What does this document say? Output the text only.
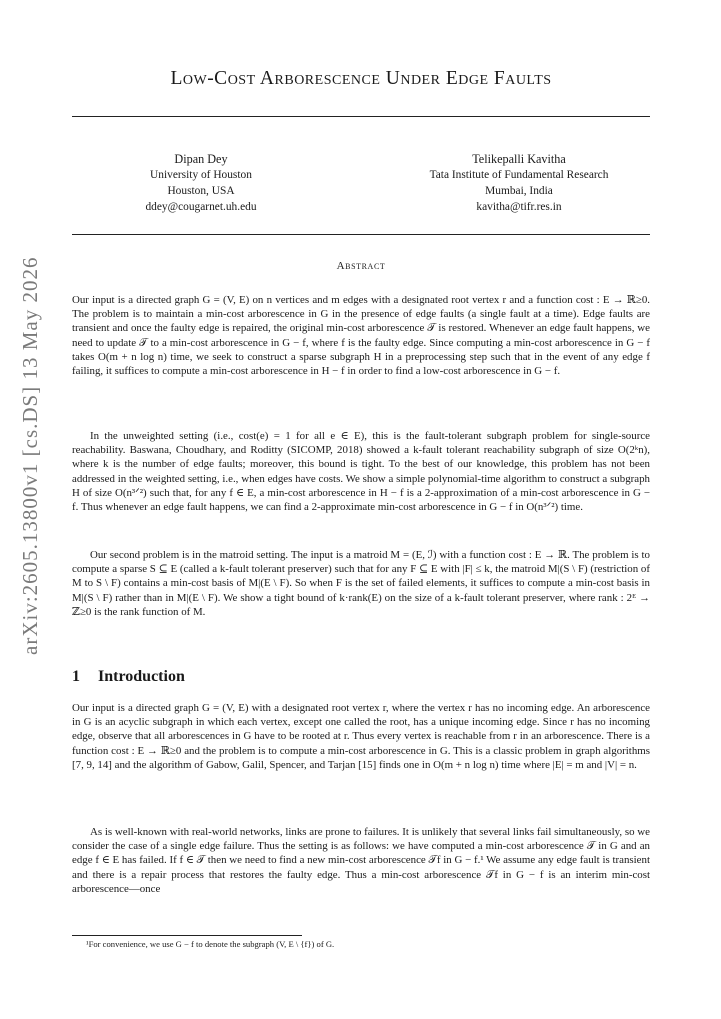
arXiv:2605.13800v1 [cs.DS] 13 May 2026
Low-Cost Arborescence Under Edge Faults
Dipan Dey
University of Houston
Houston, USA
ddey@cougarnet.uh.edu
Telikepalli Kavitha
Tata Institute of Fundamental Research
Mumbai, India
kavitha@tifr.res.in
Abstract

Our input is a directed graph G = (V, E) on n vertices and m edges with a designated root vertex r and a function cost : E → ℝ≥0. The problem is to maintain a min-cost arborescence in G in the presence of edge faults (a single fault at a time). Edge faults are transient and once the faulty edge is repaired, the original min-cost arborescence 𝒯 is restored. Whenever an edge fault happens, we need to update 𝒯 to a min-cost arborescence in G − f, where f is the faulty edge. Since computing a min-cost arborescence in G − f takes O(m + n log n) time, we seek to construct a sparse subgraph H in a preprocessing step such that in the event of any edge f failing, it suffices to compute a min-cost arborescence in H − f in order to find a low-cost arborescence in G − f.

In the unweighted setting (i.e., cost(e) = 1 for all e ∈ E), this is the fault-tolerant subgraph problem for single-source reachability. Baswana, Choudhary, and Roditty (SICOMP, 2018) showed a k-fault tolerant reachability subgraph of size O(2ᵏn), where k is the number of edge faults; moreover, this bound is tight. To the best of our knowledge, this problem has not been addressed in the weighted setting, i.e., when edges have costs. We show a simple polynomial-time algorithm to construct a subgraph H of size O(n³ᐟ²) such that, for any f ∈ E, a min-cost arborescence in H − f is a 2-approximation of a min-cost arborescence in G − f. Thus whenever an edge fault happens, we can find a 2-approximate min-cost arborescence in G − f in O(n³ᐟ²) time.

Our second problem is in the matroid setting. The input is a matroid M = (E, ℐ) with a function cost : E → ℝ. The problem is to compute a sparse S ⊆ E (called a k-fault tolerant preserver) such that for any F ⊆ E with |F| ≤ k, the matroid M|(S \ F) (restriction of M to S \ F) contains a min-cost basis of M|(E \ F). So when F is the set of failed elements, it suffices to compute a min-cost basis in M|(S \ F) rather than in M|(E \ F). We show a tight bound of k·rank(E) on the size of a k-fault tolerant preserver, where rank : 2ᴱ → ℤ≥0 is the rank function of M.

1 Introduction

Our input is a directed graph G = (V, E) with a designated root vertex r, where the vertex r has no incoming edge. An arborescence in G is an acyclic subgraph in which each vertex, except one called the root, has a unique incoming edge. Since r has no incoming edge, observe that all arborescences in G have to be rooted at r. Thus every vertex is reachable from r in an arborescence. There is a function cost : E → ℝ≥0 and the problem is to compute a min-cost arborescence in G. This is a classic problem in graph algorithms [7, 9, 14] and the algorithm of Gabow, Galil, Spencer, and Tarjan [15] finds one in O(m + n log n) time where |E| = m and |V| = n.

As is well-known with real-world networks, links are prone to failures. It is unlikely that several links fail simultaneously, so we consider the case of a single edge failure. Thus the setting is as follows: we have computed a min-cost arborescence 𝒯 in G and an edge f ∈ E has failed. If f ∈ 𝒯 then we need to find a new min-cost arborescence 𝒯f in G − f.¹ We assume any edge fault is transient and there is a repair process that restores the faulty edge. Thus a min-cost arborescence 𝒯f in G − f is an interim min-cost arborescence—once

¹For convenience, we use G − f to denote the subgraph (V, E \ {f}) of G.
